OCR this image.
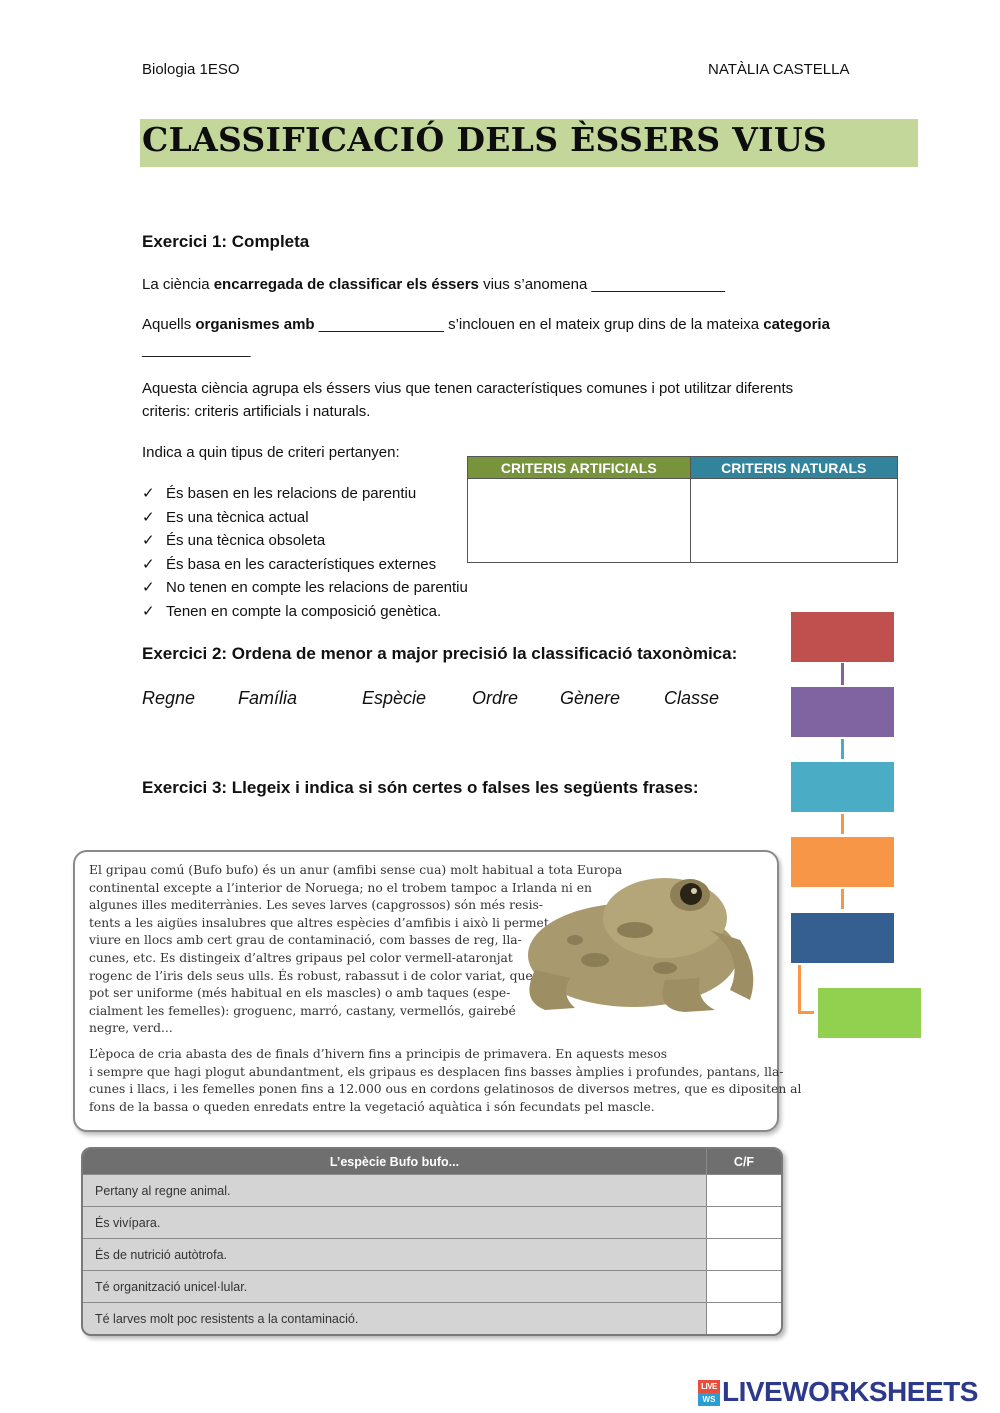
Biologia 1ESO	NATÀLIA CASTELLA
CLASSIFICACIÓ DELS ÈSSERS VIUS
Exercici 1: Completa
La ciència encarregada de classificar els éssers vius s’anomena ________________
Aquells organismes amb _______________ s’inclouen en el mateix grup dins de la mateixa categoria
_____________
Aquesta ciència agrupa els éssers vius que tenen característiques comunes i pot utilitzar diferents
criteris: criteris artificials i naturals.
Indica a quin tipus de criteri pertanyen:
✓ És basen en les relacions de parentiu
✓ Es una tècnica actual
✓ És una tècnica obsoleta
✓ És basa en les característiques externes
✓ No tenen en compte les relacions de parentiu
✓ Tenen en compte la composició genètica.
CRITERIS ARTIFICIALS	CRITERIS NATURALS

Exercici 2: Ordena de menor a major precisió la classificació taxonòmica:
Regne Família	Espècie	Ordre Gènere Classe
Exercici 3: Llegeix i indica si són certes o falses les següents frases:
El gripau comú (Bufo bufo) és un anur (amfibi sense cua) molt habitual a tota Europa
continental excepte a l’interior de Noruega; no el trobem tampoc a Irlanda ni en
algunes illes mediterrànies. Les seves larves (capgrossos) són més resis-
tents a les aigües insalubres que altres espècies d’amfibis i això li permet
viure en llocs amb cert grau de contaminació, com basses de reg, lla-
cunes, etc. Es distingeix d’altres gripaus pel color vermell-ataronjat
rogenc de l’iris dels seus ulls. És robust, rabassut i de color variat, que
pot ser uniforme (més habitual en els mascles) o amb taques (espe-
cialment les femelles): groguenc, marró, castany, vermellós, gairebé
negre, verd...
L’època de cria abasta des de finals d’hivern fins a principis de primavera. En aquests mesos
i sempre que hagi plogut abundantment, els gripaus es desplacen fins basses àmplies i profundes, pantans, lla-
cunes i llacs, i les femelles ponen fins a 12.000 ous en cordons gelatinosos de diversos metres, que es dipositen al
fons de la bassa o queden enredats entre la vegetació aquàtica i són fecundats pel mascle.
L’espècie Bufo bufo...	C/F
Pertany al regne animal.	
És vivípara.	
És de nutrició autòtrofa.	
Té organització unicel·lular.	
Té larves molt poc resistents a la contaminació.	
LIVE
WS LIVEWORKSHEETS
